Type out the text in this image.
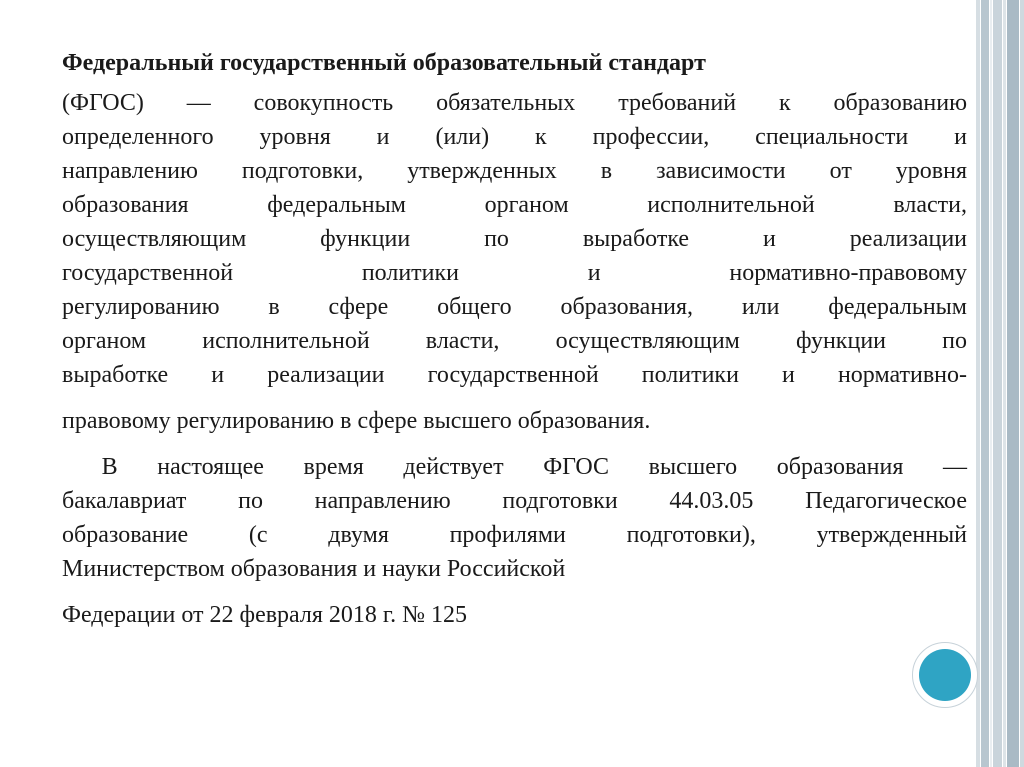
Федеральный государственный образовательный стандарт
(ФГОС) — совокупность обязательных требований к образованию
определенного уровня и (или) к профессии, специальности и
направлению подготовки, утвержденных в зависимости от уровня
образования федеральным органом исполнительной власти,
осуществляющим функции по выработке и реализации
государственной политики и нормативно-правовому
регулированию в сфере общего образования, или федеральным
органом исполнительной власти, осуществляющим функции по
выработке и реализации государственной политики и нормативно-
правовому регулированию в сфере высшего образования.
В настоящее время действует ФГОС высшего образования —
бакалавриат по направлению подготовки 44.03.05 Педагогическое
образование (с двумя профилями подготовки), утвержденный
Министерством образования и науки Российской
Федерации от 22 февраля 2018 г. № 125
